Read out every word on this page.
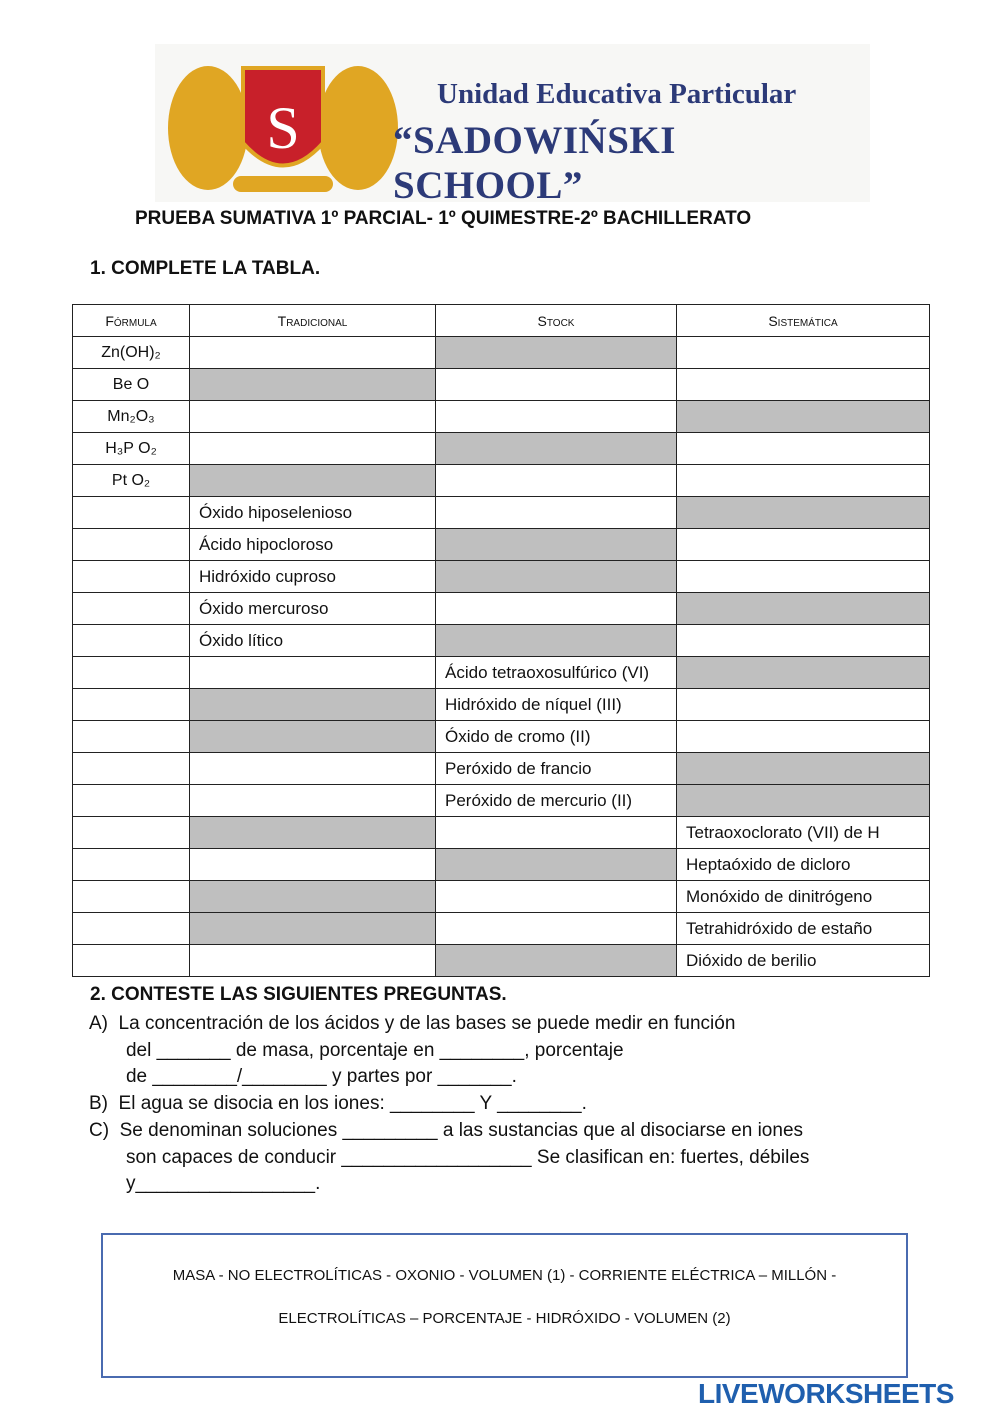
S
Unidad Educativa Particular
“SADOWIŃSKI SCHOOL”
PRUEBA SUMATIVA 1º PARCIAL- 1º QUIMESTRE-2º BACHILLERATO
1. COMPLETE LA TABLA.
Fórmula	Tradicional	Stock	Sistemática
Zn(OH)₂			
Be O			
Mn₂O₃			
H₃P O₂			
Pt O₂			
	Óxido hiposelenioso		
	Ácido hipocloroso		
	Hidróxido cuproso		
	Óxido mercuroso		
	Óxido lítico		
		Ácido tetraoxosulfúrico (VI)	
		Hidróxido de níquel (III)	
		Óxido de cromo (II)	
		Peróxido de francio	
		Peróxido de mercurio (II)	
			Tetraoxoclorato (VII) de H
			Heptaóxido de dicloro
			Monóxido de dinitrógeno
			Tetrahidróxido de estaño
			Dióxido de berilio
2. CONTESTE LAS SIGUIENTES PREGUNTAS.
A)  La concentración de los ácidos y de las bases se puede medir en función
del _______ de masa, porcentaje en ________, porcentaje
de ________/________ y partes por _______.
B)  El agua se disocia en los iones: ________ Y ________.
C)  Se denominan soluciones _________ a las sustancias que al disociarse en iones
son capaces de conducir __________________ Se clasifican en: fuertes, débiles
y_________________.
MASA - NO ELECTROLÍTICAS - OXONIO - VOLUMEN (1) - CORRIENTE ELÉCTRICA – MILLÓN -
ELECTROLÍTICAS – PORCENTAJE - HIDRÓXIDO - VOLUMEN (2)
LIVEWORKSHEETS
